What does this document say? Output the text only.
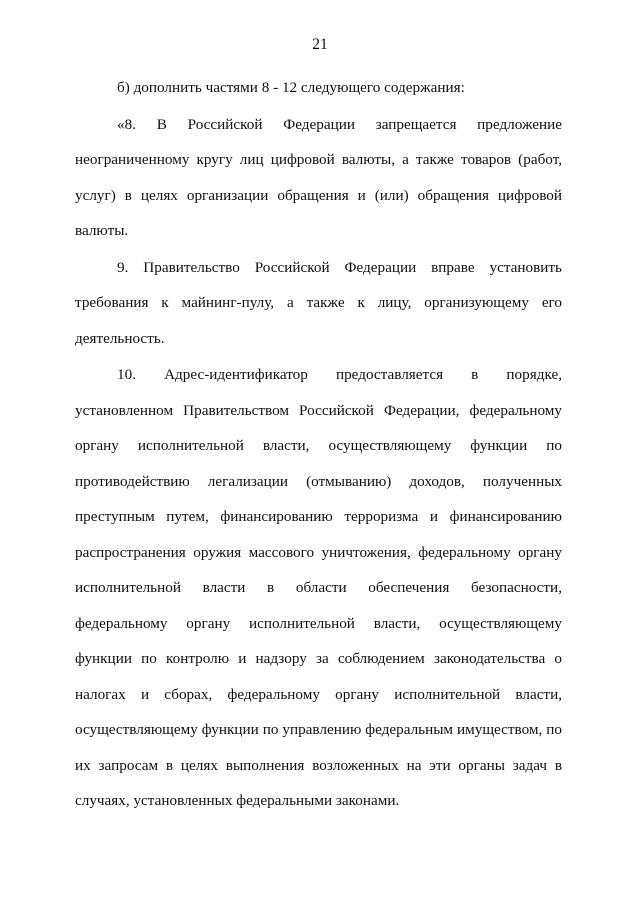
21

б) дополнить частями 8 - 12 следующего содержания:

«8. В Российской Федерации запрещается предложение неограниченному кругу лиц цифровой валюты, а также товаров (работ, услуг) в целях организации обращения и (или) обращения цифровой валюты.

9. Правительство Российской Федерации вправе установить требования к майнинг-пулу, а также к лицу, организующему его деятельность.

10. Адрес-идентификатор предоставляется в порядке, установленном Правительством Российской Федерации, федеральному органу исполнительной власти, осуществляющему функции по противодействию легализации (отмыванию) доходов, полученных преступным путем, финансированию терроризма и финансированию распространения оружия массового уничтожения, федеральному органу исполнительной власти в области обеспечения безопасности, федеральному органу исполнительной власти, осуществляющему функции по контролю и надзору за соблюдением законодательства о налогах и сборах, федеральному органу исполнительной власти, осуществляющему функции по управлению федеральным имуществом, по их запросам в целях выполнения возложенных на эти органы задач в случаях, установленных федеральными законами.
